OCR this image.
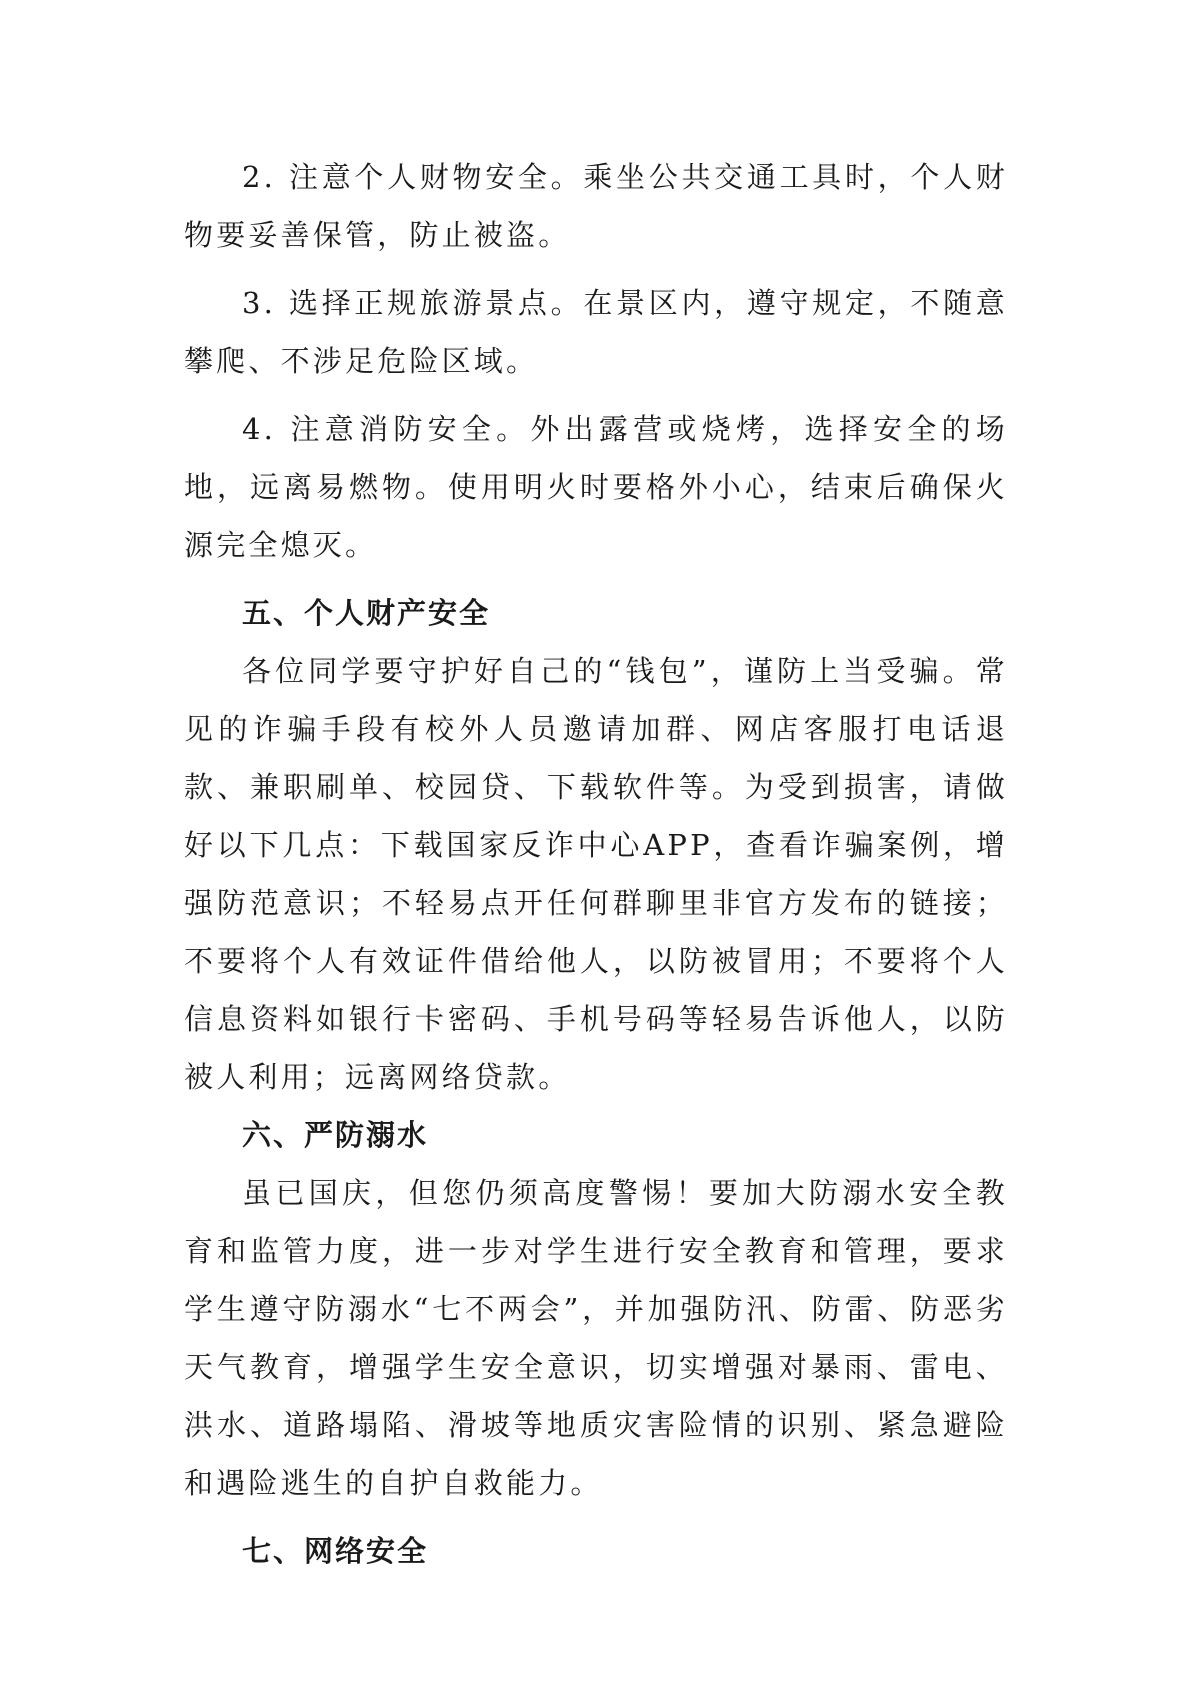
2. 注意个人财物安全。乘坐公共交通工具时，个人财物要妥善保管，防止被盗。

3. 选择正规旅游景点。在景区内，遵守规定，不随意攀爬、不涉足危险区域。

4. 注意消防安全。外出露营或烧烤，选择安全的场地，远离易燃物。使用明火时要格外小心，结束后确保火源完全熄灭。

五、个人财产安全

各位同学要守护好自己的“钱包”，谨防上当受骗。常见的诈骗手段有校外人员邀请加群、网店客服打电话退款、兼职刷单、校园贷、下载软件等。为受到损害，请做好以下几点：下载国家反诈中心APP，查看诈骗案例，增强防范意识；不轻易点开任何群聊里非官方发布的链接；不要将个人有效证件借给他人，以防被冒用；不要将个人信息资料如银行卡密码、手机号码等轻易告诉他人，以防被人利用；远离网络贷款。

六、严防溺水

虽已国庆，但您仍须高度警惕！要加大防溺水安全教育和监管力度，进一步对学生进行安全教育和管理，要求学生遵守防溺水“七不两会”，并加强防汛、防雷、防恶劣天气教育，增强学生安全意识，切实增强对暴雨、雷电、洪水、道路塌陷、滑坡等地质灾害险情的识别、紧急避险和遇险逃生的自护自救能力。

七、网络安全
